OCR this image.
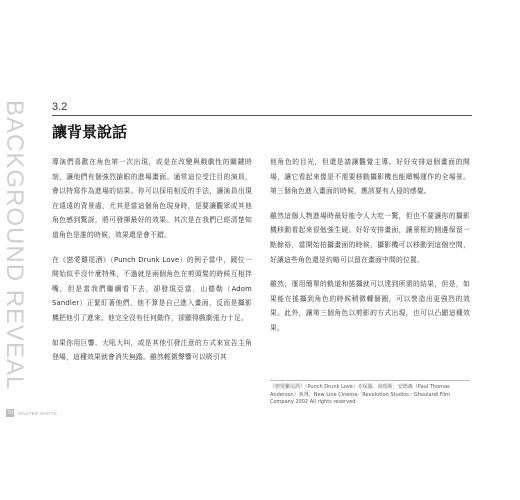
BACKGROUND REVEAL 3.2
讓背景說話

導演們喜歡在角色第一次出現，或是在改變與戲劇性的關鍵時刻，讓他們有個強烈搶眼的進場畫面。通常這位受注目的演員，會以特寫作為進場的結果。你可以採用相反的手法，讓演員出現在遠遠的背景處，尤其是當這個角色現身時，是要讓觀眾或其他角色感到驚訝，將可發揮最好的效果。其次是在我們已經清楚知道角色是誰的時候，效果還是會不錯。

在《戀愛雞尾酒》（Punch Drunk Love）的例子當中，鏡位一開始似乎沒什麼特殊，不過就是兩個角色在剪頭髮的時候互相拌嘴，但是當我們繼續看下去，卻發現亞當．山德勒（Adom Sandler）正緊盯著他們，他不算是自己進入畫面，反而是攝影機把他引了進來。他完全沒有任何動作，卻顯得戲劇張力十足。

如果你用巨響、大吼大叫，或是其他引發注意的方式來宣告主角登場，這種效果就會消失無蹤。雖然輕微聲響可以吸引其

他角色的目光，但還是請讓觀覺主導。好好安排這個畫面的開場，讓它看起來像是不需要移動攝影機也能順暢運作的全場景。第三個角色進入畫面的時候，應該要有人侵的感覺。

雖然這個人物進場時最好能令人大吃一驚，但也不要讓你的攝影機移動看起來很勉強生硬。好好安排畫面，讓景框的側邊保留一點餘裕，當開始拍攝畫面的時候，攝影機可以移動到這個空間，好讓這些角色還是約略可以留在畫面中間的位置。

雖然，運用簡單的軌道和搖攝就可以達到所需的結果，但是，如果能在搖攝到角色的時候稍微轉個圈，可以營造出更強烈的效果。此外，讓第三個角色以剪影的方式出現，也可以凸顯這種效果。

《戀愛雞尾酒》（Punch Drunk Love）亦保羅．湯瑪斯．安德森（Paul Thomas Anderson）執導，New Line Cinema／Revolution Studios／Ghoulardi Film Company 2002 All rights reserved
70 MASTER SHOTS
